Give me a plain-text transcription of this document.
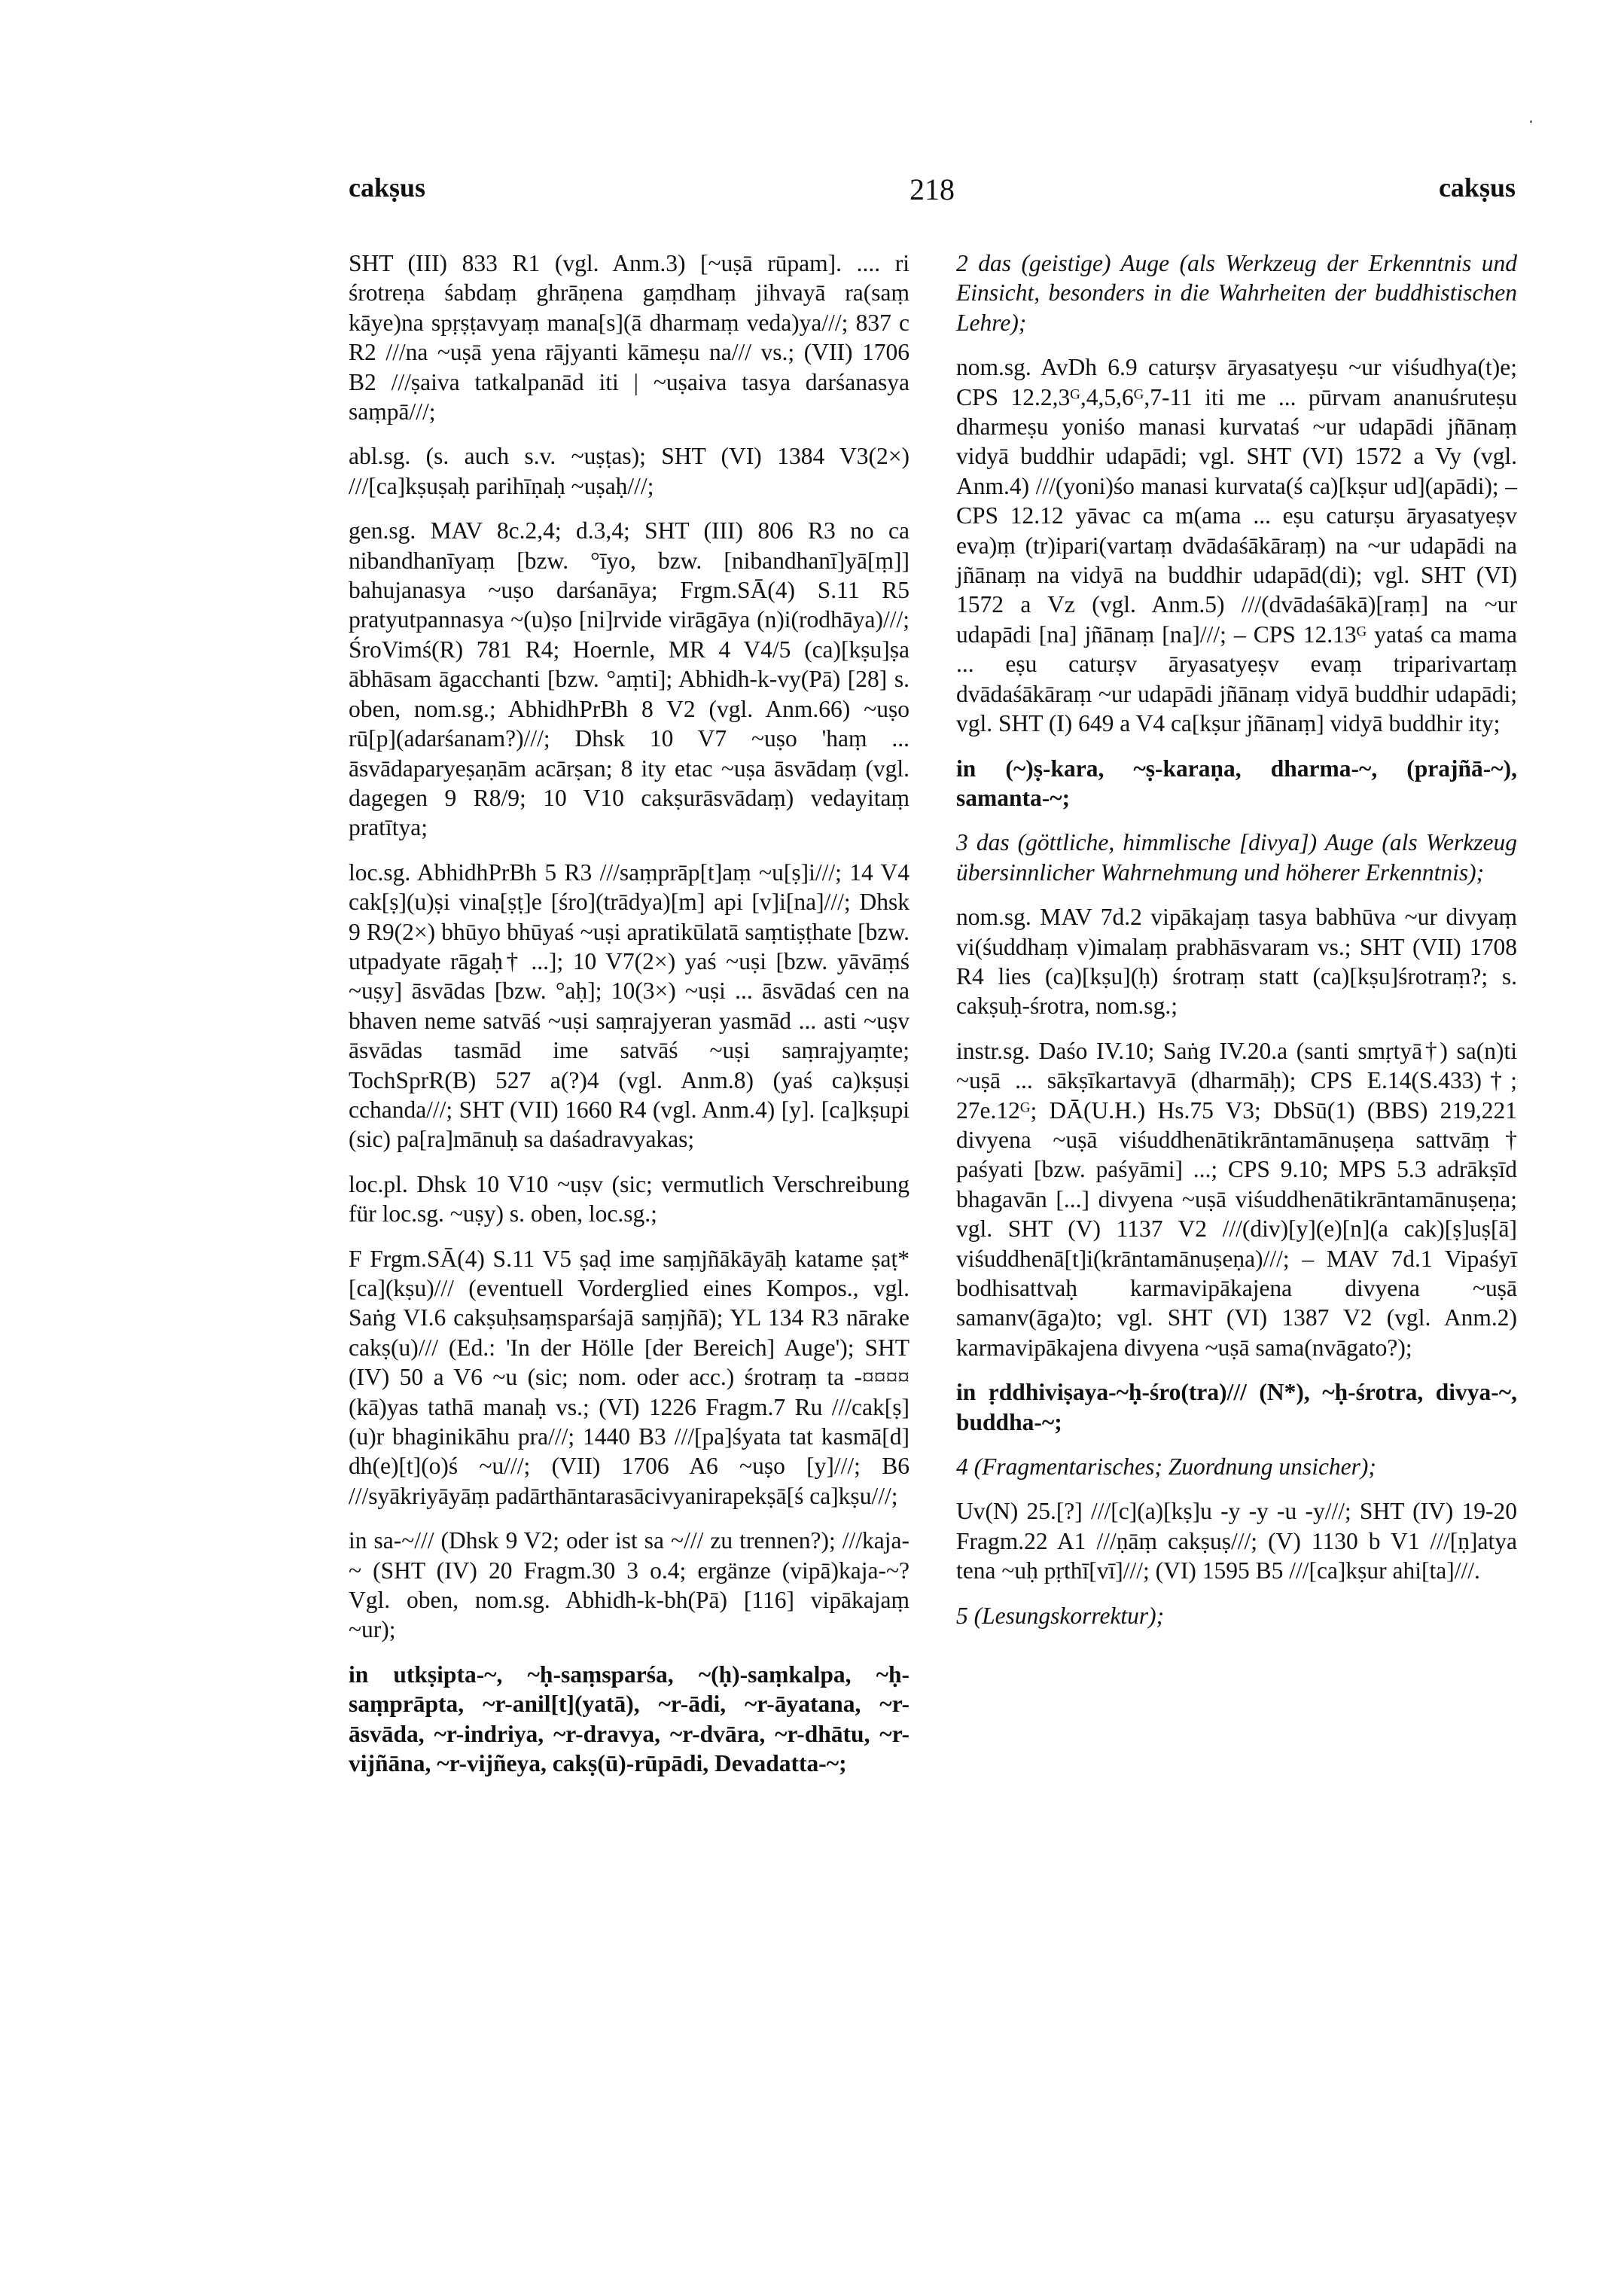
cakṣus	218	cakṣus

SHT (III) 833 R1 (vgl. Anm.3) [~uṣā rūpam]. .... ri śrotreṇa śabdaṃ ghrāṇena gaṃdhaṃ jihvayā ra(saṃ kāye)na spṛṣṭavyaṃ mana[s](ā dharmaṃ veda)ya///; 837 c R2 ///na ~uṣā yena rājyanti kāmeṣu na/// vs.; (VII) 1706 B2 ///ṣaiva tatkalpanād iti | ~uṣaiva tasya darśanasya saṃpā///;

abl.sg. (s. auch s.v. ~uṣṭas); SHT (VI) 1384 V3(2×) ///[ca]kṣuṣaḥ parihīṇaḥ ~uṣaḥ///;

gen.sg. MAV 8c.2,4; d.3,4; SHT (III) 806 R3 no ca nibandhanīyaṃ [bzw. °īyo, bzw. [nibandhanī]yā[ṃ]] bahujanasya ~uṣo darśanāya; Frgm.SĀ(4) S.11 R5 pratyutpannasya ~(u)ṣo [ni]rvide virāgāya (n)i(rodhāya)///; ŚroVimś(R) 781 R4; Hoernle, MR 4 V4/5 (ca)[kṣu]ṣa ābhāsam āgacchanti [bzw. °aṃti]; Abhidh-k-vy(Pā) [28] s. oben, nom.sg.; AbhidhPrBh 8 V2 (vgl. Anm.66) ~uṣo rū[p](adarśanam?)///; Dhsk 10 V7 ~uṣo 'haṃ ... āsvādaparyeṣaṇām acārṣan; 8 ity etac ~uṣa āsvādaṃ (vgl. dagegen 9 R8/9; 10 V10 cakṣurāsvādaṃ) vedayitaṃ pratītya;

loc.sg. AbhidhPrBh 5 R3 ///saṃprāp[t]aṃ ~u[ṣ]i///; 14 V4 cak[ṣ](u)ṣi vina[ṣṭ]e [śro](trādya)[m] api [v]i[na]///; Dhsk 9 R9(2×) bhūyo bhūyaś ~uṣi apratikūlatā saṃtiṣṭhate [bzw. utpadyate rāgaḥ† ...]; 10 V7(2×) yaś ~uṣi [bzw. yāvāṃś ~uṣy] āsvādas [bzw. °aḥ]; 10(3×) ~uṣi ... āsvādaś cen na bhaven neme satvāś ~uṣi saṃrajyeran yasmād ... asti ~uṣv āsvādas tasmād ime satvāś ~uṣi saṃrajyaṃte; TochSprR(B) 527 a(?)4 (vgl. Anm.8) (yaś ca)kṣuṣi cchanda///; SHT (VII) 1660 R4 (vgl. Anm.4) [y]. [ca]kṣupi (sic) pa[ra]mānuḥ sa daśadravyakas;

loc.pl. Dhsk 10 V10 ~uṣv (sic; vermutlich Verschreibung für loc.sg. ~uṣy) s. oben, loc.sg.;

F Frgm.SĀ(4) S.11 V5 ṣaḍ ime saṃjñākāyāḥ katame ṣaṭ* [ca](kṣu)/// (eventuell Vorderglied eines Kompos., vgl. Saṅg VI.6 cakṣuḥsaṃsparśajā saṃjñā); YL 134 R3 nārake cakṣ(u)/// (Ed.: 'In der Hölle [der Bereich] Auge'); SHT (IV) 50 a V6 ~u (sic; nom. oder acc.) śrotraṃ ta -¤¤¤¤ (kā)yas tathā manaḥ vs.; (VI) 1226 Fragm.7 Ru ///cak[ṣ](u)r bhaginikāhu pra///; 1440 B3 ///[pa]śyata tat kasmā[d] dh(e)[t](o)ś ~u///; (VII) 1706 A6 ~uṣo [y]///; B6 ///syākriyāyāṃ padārthāntarasācivyanirapekṣā[ś ca]kṣu///;

in sa-~/// (Dhsk 9 V2; oder ist sa ~/// zu trennen?); ///kaja-~ (SHT (IV) 20 Fragm.30 3 o.4; ergänze (vipā)kaja-~? Vgl. oben, nom.sg. Abhidh-k-bh(Pā) [116] vipākajaṃ ~ur);

in utkṣipta-~, ~ḥ-saṃsparśa, ~(ḥ)-saṃkalpa, ~ḥ-saṃprāpta, ~r-anil[t](yatā), ~r-ādi, ~r-āyatana, ~r-āsvāda, ~r-indriya, ~r-dravya, ~r-dvāra, ~r-dhātu, ~r-vijñāna, ~r-vijñeya, cakṣ(ū)-rūpādi, Devadatta-~;

2 das (geistige) Auge (als Werkzeug der Erkenntnis und Einsicht, besonders in die Wahrheiten der buddhistischen Lehre);

nom.sg. AvDh 6.9 caturṣv āryasatyeṣu ~ur viśudhya(t)e; CPS 12.2,3ᴳ,4,5,6ᴳ,7-11 iti me ... pūrvam ananuśruteṣu dharmeṣu yoniśo manasi kurvataś ~ur udapādi jñānaṃ vidyā buddhir udapādi; vgl. SHT (VI) 1572 a Vy (vgl. Anm.4) ///(yoni)śo manasi kurvata(ś ca)[kṣur ud](apādi); – CPS 12.12 yāvac ca m(ama ... eṣu caturṣu āryasatyeṣv eva)ṃ (tr)ipari(vartaṃ dvādaśākāraṃ) na ~ur udapādi na jñānaṃ na vidyā na buddhir udapād(di); vgl. SHT (VI) 1572 a Vz (vgl. Anm.5) ///(dvādaśākā)[raṃ] na ~ur udapādi [na] jñānaṃ [na]///; – CPS 12.13ᴳ yataś ca mama ... eṣu caturṣv āryasatyeṣv evaṃ triparivartaṃ dvādaśākāraṃ ~ur udapādi jñānaṃ vidyā buddhir udapādi; vgl. SHT (I) 649 a V4 ca[kṣur jñānaṃ] vidyā buddhir ity;

in (~)ṣ-kara, ~ṣ-karaṇa, dharma-~, (prajñā-~), samanta-~;

3 das (göttliche, himmlische [divya]) Auge (als Werkzeug übersinnlicher Wahrnehmung und höherer Erkenntnis);

nom.sg. MAV 7d.2 vipākajaṃ tasya babhūva ~ur divyaṃ vi(śuddhaṃ v)imalaṃ prabhāsvaram vs.; SHT (VII) 1708 R4 lies (ca)[kṣu](ḥ) śrotraṃ statt (ca)[kṣu]śrotraṃ?; s. cakṣuḥ-śrotra, nom.sg.;

instr.sg. Daśo IV.10; Saṅg IV.20.a (santi smṛtyā†) sa(n)ti ~uṣā ... sākṣīkartavyā (dharmāḥ); CPS E.14(S.433)†; 27e.12ᴳ; DĀ(U.H.) Hs.75 V3; DbSū(1) (BBS) 219,221 divyena ~uṣā viśuddhenātikrāntamānuṣeṇa sattvāṃ† paśyati [bzw. paśyāmi] ...; CPS 9.10; MPS 5.3 adrākṣīd bhagavān [...] divyena ~uṣā viśuddhenātikrāntamānuṣeṇa; vgl. SHT (V) 1137 V2 ///(div)[y](e)[n](a cak)[ṣ]uṣ[ā] viśuddhenā[t]i(krāntamānuṣeṇa)///; – MAV 7d.1 Vipaśyī bodhisattvaḥ karmavipākajena divyena ~uṣā samanv(āga)to; vgl. SHT (VI) 1387 V2 (vgl. Anm.2) karmavipākajena divyena ~uṣā sama(nvāgato?);

in ṛddhiviṣaya-~ḥ-śro(tra)/// (N*), ~ḥ-śrotra, divya-~, buddha-~;

4 (Fragmentarisches; Zuordnung unsicher);

Uv(N) 25.[?] ///[c](a)[kṣ]u -y -y -u -y///; SHT (IV) 19-20 Fragm.22 A1 ///ṇāṃ cakṣuṣ///; (V) 1130 b V1 ///[ṇ]atya tena ~uḥ pṛthī[vī]///; (VI) 1595 B5 ///[ca]kṣur ahi[ta]///.

5 (Lesungskorrektur);
